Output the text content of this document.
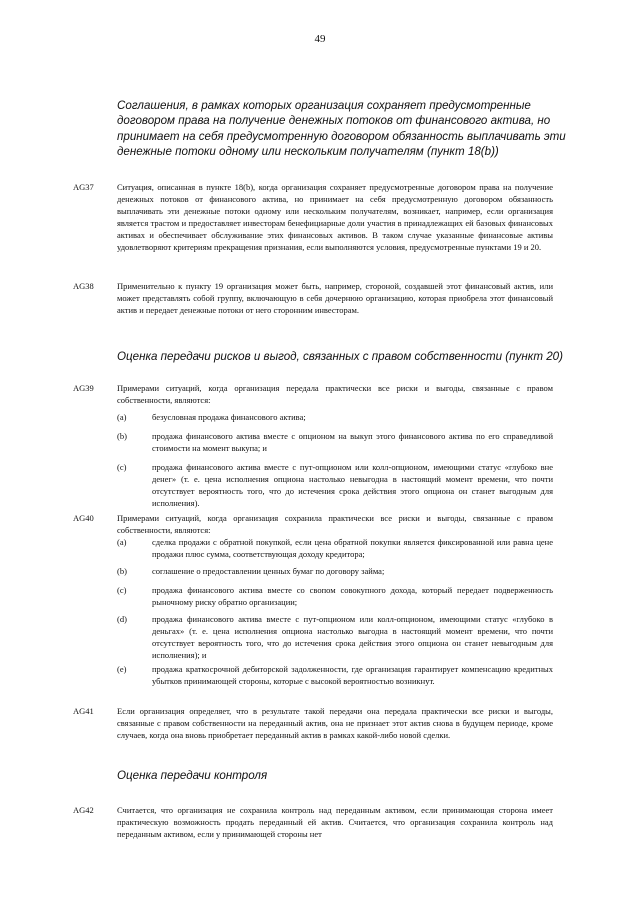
49
Соглашения, в рамках которых организация сохраняет предусмотренные договором права на получение денежных потоков от финансового актива, но принимает на себя предусмотренную договором обязанность выплачивать эти денежные потоки одному или нескольким получателям (пункт 18(b))
AG37	Ситуация, описанная в пункте 18(b), когда организация сохраняет предусмотренные договором права на получение денежных потоков от финансового актива, но принимает на себя предусмотренную договором обязанность выплачивать эти денежные потоки одному или нескольким получателям, возникает, например, если организация является трастом и предоставляет инвесторам бенефициарные доли участия в принадлежащих ей базовых финансовых активах и обеспечивает обслуживание этих финансовых активов. В таком случае указанные финансовые активы удовлетворяют критериям прекращения признания, если выполняются условия, предусмотренные пунктами 19 и 20.
AG38	Применительно к пункту 19 организация может быть, например, стороной, создавшей этот финансовый актив, или может представлять собой группу, включающую в себя дочернюю организацию, которая приобрела этот финансовый актив и передает денежные потоки от него сторонним инвесторам.
Оценка передачи рисков и выгод, связанных с правом собственности (пункт 20)
AG39	Примерами ситуаций, когда организация передала практически все риски и выгоды, связанные с правом собственности, являются:
(a)	безусловная продажа финансового актива;
(b)	продажа финансового актива вместе с опционом на выкуп этого финансового актива по его справедливой стоимости на момент выкупа; и
(c)	продажа финансового актива вместе с пут-опционом или колл-опционом, имеющими статус «глубоко вне денег» (т. е. цена исполнения опциона настолько невыгодна в настоящий момент времени, что почти отсутствует вероятность того, что до истечения срока действия этого опциона он станет выгодным для исполнения).
AG40	Примерами ситуаций, когда организация сохранила практически все риски и выгоды, связанные с правом собственности, являются:
(a)	сделка продажи с обратной покупкой, если цена обратной покупки является фиксированной или равна цене продажи плюс сумма, соответствующая доходу кредитора;
(b)	соглашение о предоставлении ценных бумаг по договору займа;
(c)	продажа финансового актива вместе со свопом совокупного дохода, который передает подверженность рыночному риску обратно организации;
(d)	продажа финансового актива вместе с пут-опционом или колл-опционом, имеющими статус «глубоко в деньгах» (т. е. цена исполнения опциона настолько выгодна в настоящий момент времени, что почти отсутствует вероятность того, что до истечения срока действия этого опциона он станет невыгодным для исполнения); и
(e)	продажа краткосрочной дебиторской задолженности, где организация гарантирует компенсацию кредитных убытков принимающей стороны, которые с высокой вероятностью возникнут.
AG41	Если организация определяет, что в результате такой передачи она передала практически все риски и выгоды, связанные с правом собственности на переданный актив, она не признает этот актив снова в будущем периоде, кроме случаев, когда она вновь приобретает переданный актив в рамках какой-либо новой сделки.
Оценка передачи контроля
AG42	Считается, что организация не сохранила контроль над переданным активом, если принимающая сторона имеет практическую возможность продать переданный ей актив. Считается, что организация сохранила контроль над переданным активом, если у принимающей стороны нет
